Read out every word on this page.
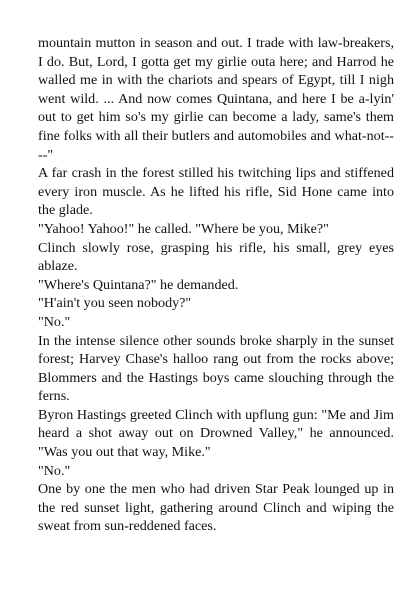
mountain mutton in season and out. I trade with law-breakers, I do. But, Lord, I gotta get my girlie outa here; and Harrod he walled me in with the chariots and spears of Egypt, till I nigh went wild. ... And now comes Quintana, and here I be a-lyin' out to get him so's my girlie can become a lady, same's them fine folks with all their butlers and automobiles and what-not----"

A far crash in the forest stilled his twitching lips and stiffened every iron muscle. As he lifted his rifle, Sid Hone came into the glade.

"Yahoo! Yahoo!" he called. "Where be you, Mike?"

Clinch slowly rose, grasping his rifle, his small, grey eyes ablaze.

"Where's Quintana?" he demanded.

"H'ain't you seen nobody?"

"No."

In the intense silence other sounds broke sharply in the sunset forest; Harvey Chase's halloo rang out from the rocks above; Blommers and the Hastings boys came slouching through the ferns.

Byron Hastings greeted Clinch with upflung gun: "Me and Jim heard a shot away out on Drowned Valley," he announced. "Was you out that way, Mike."

"No."

One by one the men who had driven Star Peak lounged up in the red sunset light, gathering around Clinch and wiping the sweat from sun-reddened faces.
